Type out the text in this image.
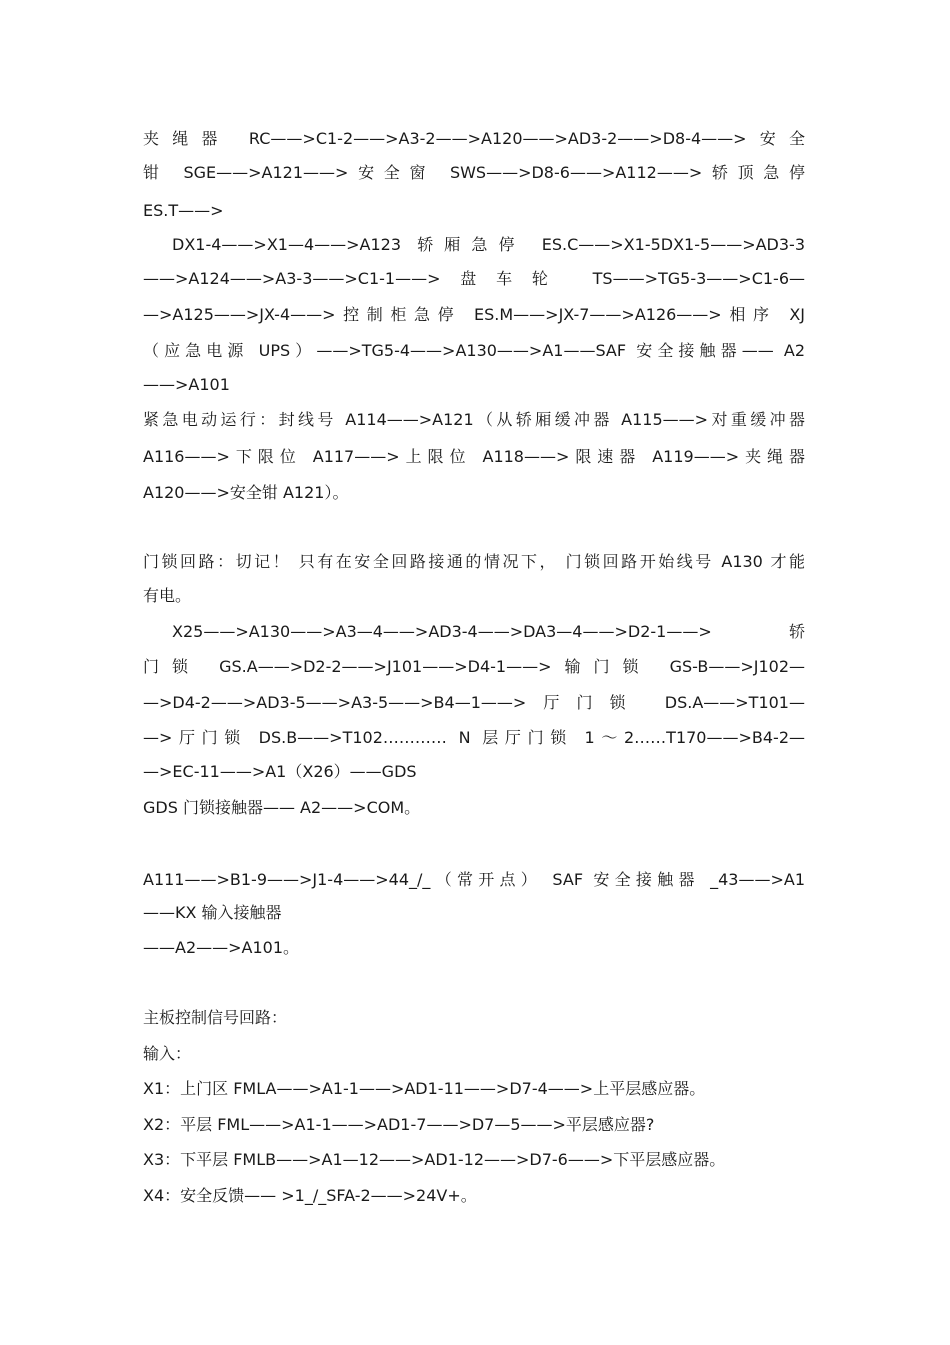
夹绳器 RC——>C1-2——>A3-2——>A120——>AD3-2——>D8-4——>安全
钳 SGE——>A121——>安全窗 SWS——>D8-6——>A112——>轿顶急停
ES.T——>
DX1-4——>X1—4——>A123 轿厢急停 ES.C——>X1-5DX1-5——>AD3-3
——>A124——>A3-3——>C1-1——>盘车轮 TS——>TG5-3——>C1-6—
—>A125——>JX-4——>控制柜急停 ES.M——>JX-7——>A126——>相序 XJ
（应急电源 UPS）——>TG5-4——>A130——>A1——SAF 安全接触器—— A2
——>A101
紧急电动运行：封线号 A114——>A121（从轿厢缓冲器 A115——>对重缓冲器
A116——>下限位 A117——>上限位 A118——>限速器 A119——>夹绳器
A120——>安全钳 A121）。
门锁回路：切记！ 只有在安全回路接通的情况下， 门锁回路开始线号 A130 才能
有电。
X25——>A130——>A3—4——>AD3-4——>DA3—4——>D2-1——>轿
门锁 GS.A——>D2-2——>J101——>D4-1——>输门锁 GS-B——>J102—
—>D4-2——>AD3-5——>A3-5——>B4—1——>厅门锁 DS.A——>T101—
—>厅门锁 DS.B——>T102………… N 层厅门锁 1～2……T170——>B4-2—
—>EC-11——>A1（X26）——GDS
GDS 门锁接触器—— A2——>COM。
A111——>B1-9——>J1-4——>44_/_（常开点） SAF 安全接触器 _43——>A1
——KX 输入接触器
——A2——>A101。
主板控制信号回路：
输入：
X1：上门区 FMLA——>A1-1——>AD1-11——>D7-4——>上平层感应器。
X2：平层 FML——>A1-1——>AD1-7——>D7—5——>平层感应器?
X3：下平层 FMLB——>A1—12——>AD1-12——>D7-6——>下平层感应器。
X4：安全反馈—— >1_/_SFA-2——>24V+。
